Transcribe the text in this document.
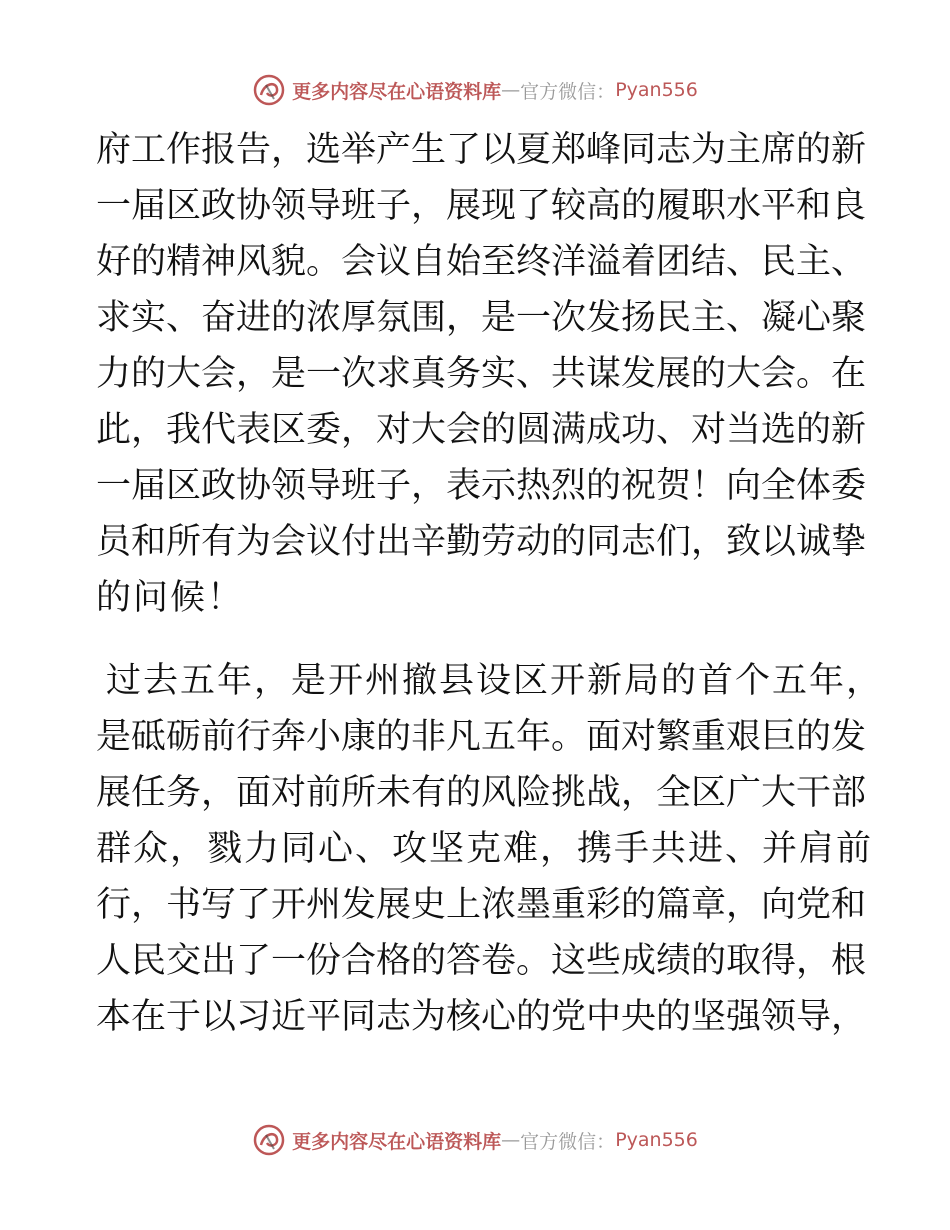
更多内容尽在心语资料库 — 官方微信： Pyan556
府工作报告，选举产生了以夏郑峰同志为主席的新
一届区政协领导班子，展现了较高的履职水平和良
好的精神风貌。会议自始至终洋溢着团结、民主、
求实、奋进的浓厚氛围，是一次发扬民主、凝心聚
力的大会，是一次求真务实、共谋发展的大会。在
此，我代表区委，对大会的圆满成功、对当选的新
一届区政协领导班子，表示热烈的祝贺！向全体委
员和所有为会议付出辛勤劳动的同志们，致以诚挚
的问候！
过去五年，是开州撤县设区开新局的首个五年，
是砥砺前行奔小康的非凡五年。面对繁重艰巨的发
展任务，面对前所未有的风险挑战，全区广大干部
群众，戮力同心、攻坚克难，携手共进、并肩前
行，书写了开州发展史上浓墨重彩的篇章，向党和
人民交出了一份合格的答卷。这些成绩的取得，根
本在于以习近平同志为核心的党中央的坚强领导，
更多内容尽在心语资料库 — 官方微信： Pyan556
